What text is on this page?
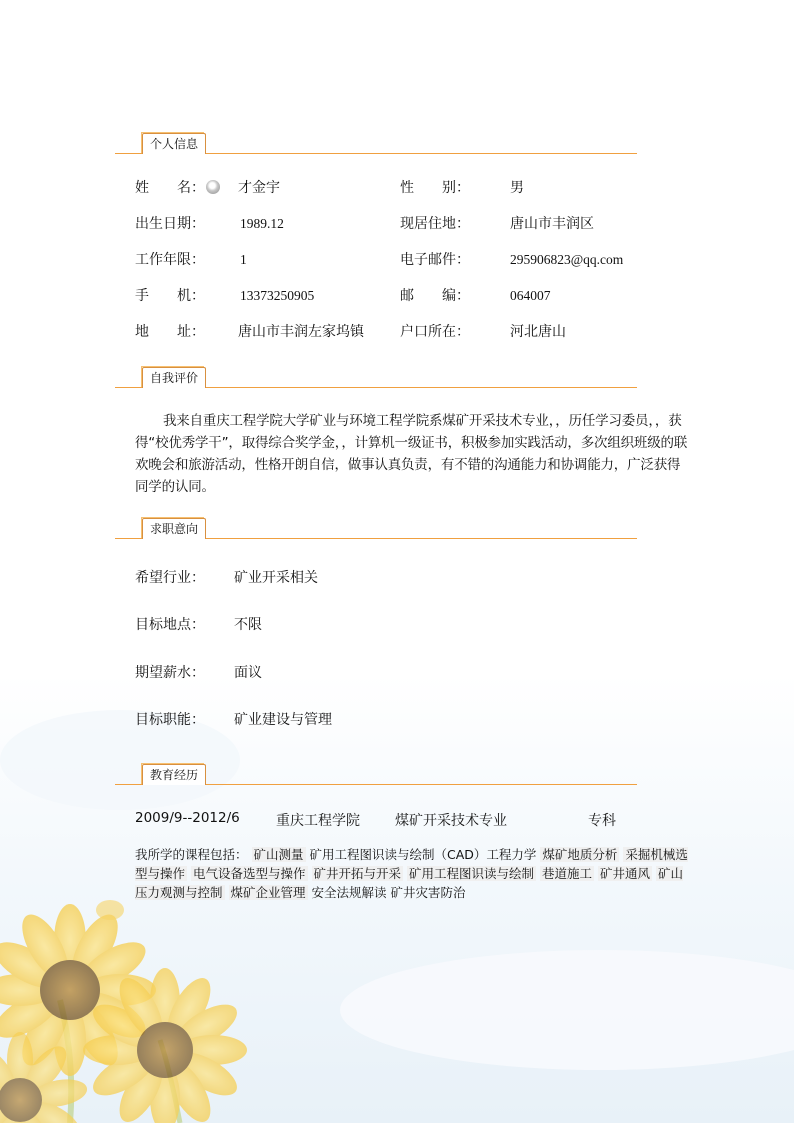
个人信息
姓　　名： 才金宇	性　　别：	男
出生日期：	1989.12	现居住地：	唐山市丰润区
工作年限：	1	电子邮件：	295906823@qq.com
手　　机：	13373250905	邮　　编：	064007
地　　址： 唐山市丰润左家坞镇	户口所在：	河北唐山
自我评价
我来自重庆工程学院大学矿业与环境工程学院系煤矿开采技术专业，，历任学习委员，，获得“校优秀学干”，取得综合奖学金，，计算机一级证书，积极参加实践活动，多次组织班级的联欢晚会和旅游活动，性格开朗自信，做事认真负责，有不错的沟通能力和协调能力，广泛获得同学的认同。
求职意向
希望行业： 矿业开采相关
目标地点： 不限
期望薪水： 面议
目标职能： 矿业建设与管理
教育经历
2009/9--2012/6	重庆工程学院	煤矿开采技术专业	专科
我所学的课程包括： 矿山测量 矿用工程图识读与绘制（CAD）工程力学 煤矿地质分析 采掘机械选型与操作 电气设备选型与操作 矿井开拓与开采 矿用工程图识读与绘制 巷道施工 矿井通风 矿山压力观测与控制 煤矿企业管理 安全法规解读 矿井灾害防治
